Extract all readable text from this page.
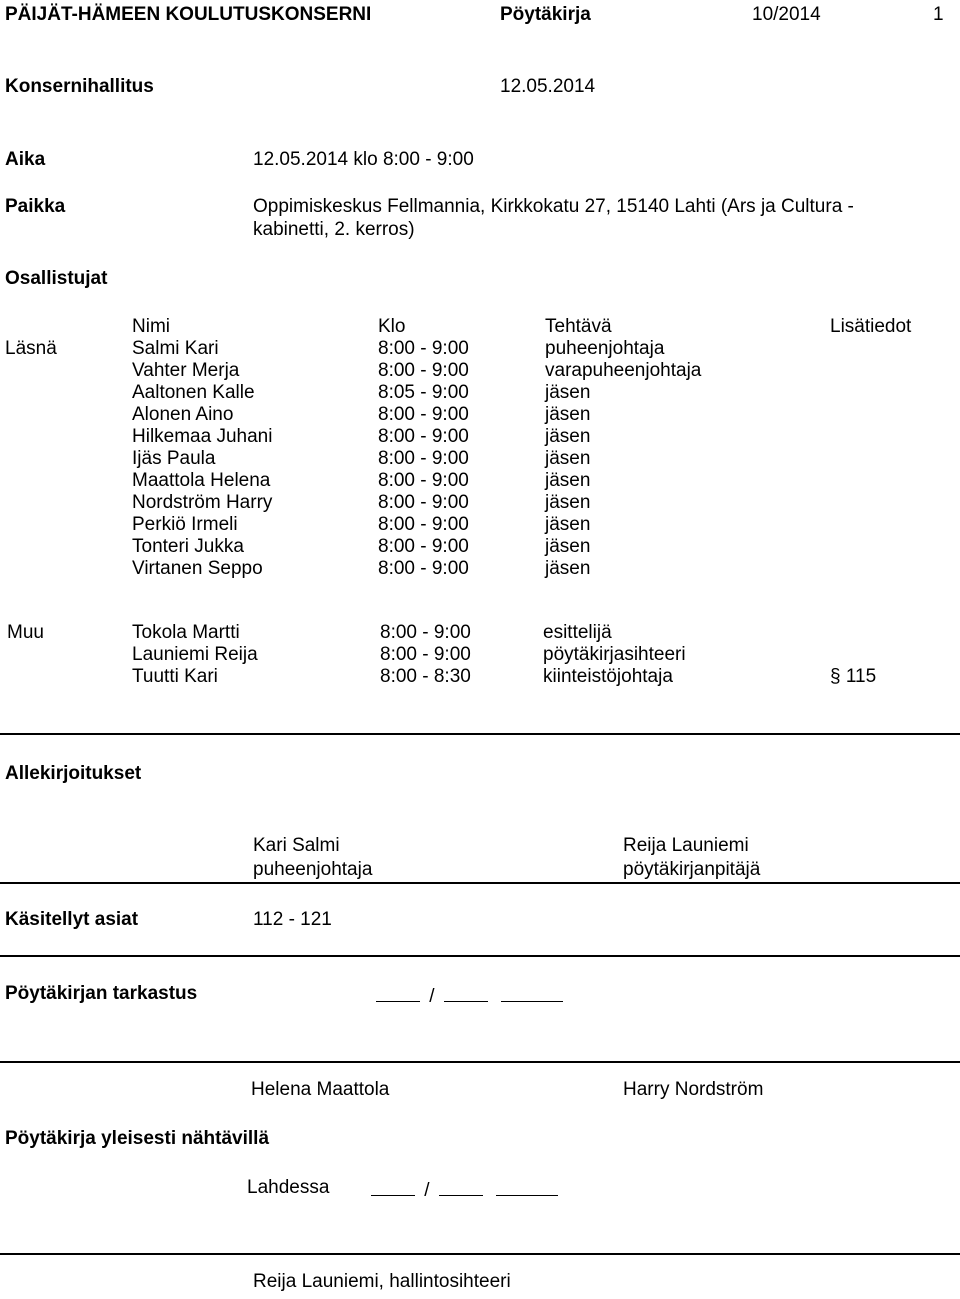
PÄIJÄT-HÄMEEN KOULUTUSKONSERNI	Pöytäkirja	10/2014	1
Konsernihallitus	12.05.2014
Aika	12.05.2014 klo 8:00 - 9:00
Paikka	Oppimiskeskus Fellmannia, Kirkkokatu 27, 15140 Lahti (Ars ja Cultura -
kabinetti, 2. kerros)
Osallistujat
Nimi	Klo	Tehtävä	Lisätiedot
Läsnä	Salmi Kari	8:00 - 9:00	puheenjohtaja
Vahter Merja	8:00 - 9:00	varapuheenjohtaja
Aaltonen Kalle	8:05 - 9:00	jäsen
Alonen Aino	8:00 - 9:00	jäsen
Hilkemaa Juhani	8:00 - 9:00	jäsen
Ijäs Paula	8:00 - 9:00	jäsen
Maattola Helena	8:00 - 9:00	jäsen
Nordström Harry	8:00 - 9:00	jäsen
Perkiö Irmeli	8:00 - 9:00	jäsen
Tonteri Jukka	8:00 - 9:00	jäsen
Virtanen Seppo	8:00 - 9:00	jäsen
Muu	Tokola Martti	8:00 - 9:00	esittelijä
Launiemi Reija	8:00 - 9:00	pöytäkirjasihteeri
Tuutti Kari	8:00 - 8:30	kiinteistöjohtaja	§ 115
Allekirjoitukset
Kari Salmi
puheenjohtaja
Reija Launiemi
pöytäkirjanpitäjä
Käsitellyt asiat	112 - 121
Pöytäkirjan tarkastus	/
Helena Maattola	Harry Nordström
Pöytäkirja yleisesti nähtävillä
Lahdessa	/
Reija Launiemi, hallintosihteeri
